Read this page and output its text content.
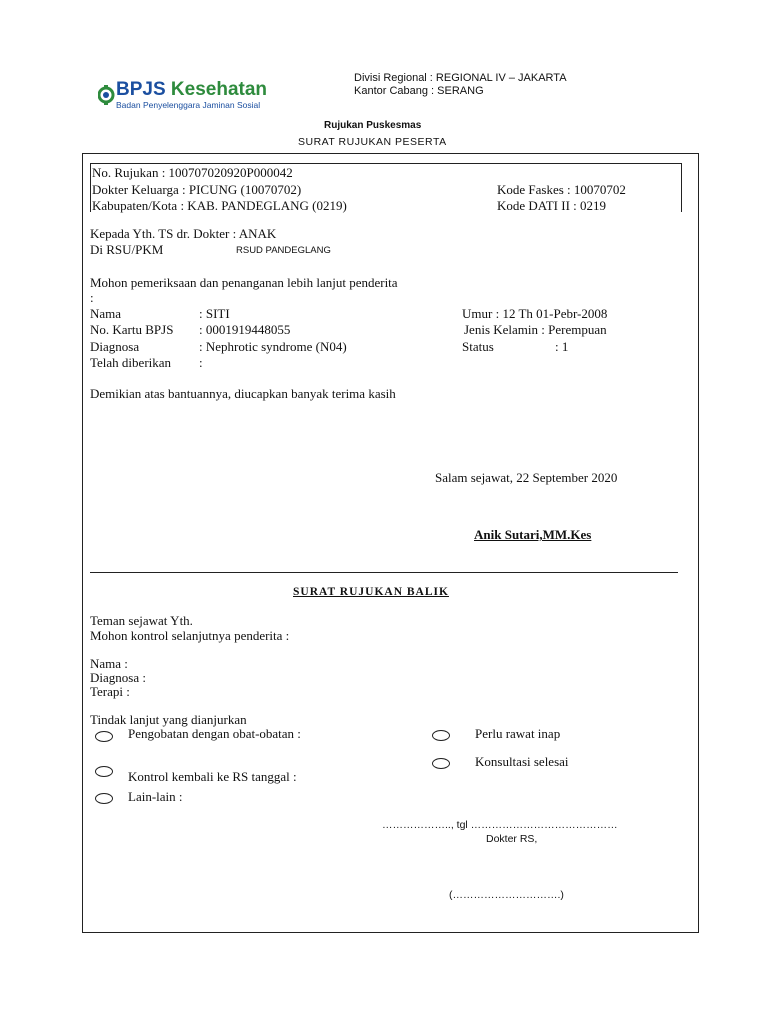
BPJS Kesehatan
Badan Penyelenggara Jaminan Sosial
Divisi Regional : REGIONAL IV – JAKARTA
Kantor Cabang : SERANG
Rujukan Puskesmas
SURAT RUJUKAN PESERTA
No. Rujukan : 100707020920P000042
Dokter Keluarga : PICUNG (10070702)	Kode Faskes : 10070702
Kabupaten/Kota : KAB. PANDEGLANG (0219)	Kode DATI II : 0219
Kepada Yth. TS dr. Dokter : ANAK
Di RSU/PKM	RSUD PANDEGLANG
Mohon pemeriksaan dan penanganan lebih lanjut penderita
:
Nama	: SITI	Umur : 12 Th 01-Pebr-2008
No. Kartu BPJS : 0001919448055	Jenis Kelamin : Perempuan
Diagnosa	: Nephrotic syndrome (N04)	Status	: 1
Telah diberikan :
Demikian atas bantuannya, diucapkan banyak terima kasih
Salam sejawat, 22 September 2020
Anik Sutari,MM.Kes
SURAT RUJUKAN BALIK
Teman sejawat Yth.
Mohon kontrol selanjutnya penderita :
Nama :
Diagnosa :
Terapi :
Tindak lanjut yang dianjurkan
Pengobatan dengan obat-obatan :	Perlu rawat inap
Konsultasi selesai
Kontrol kembali ke RS tanggal :
Lain-lain :
……………….., tgl ……………………………………
Dokter RS,
(………………………….)
